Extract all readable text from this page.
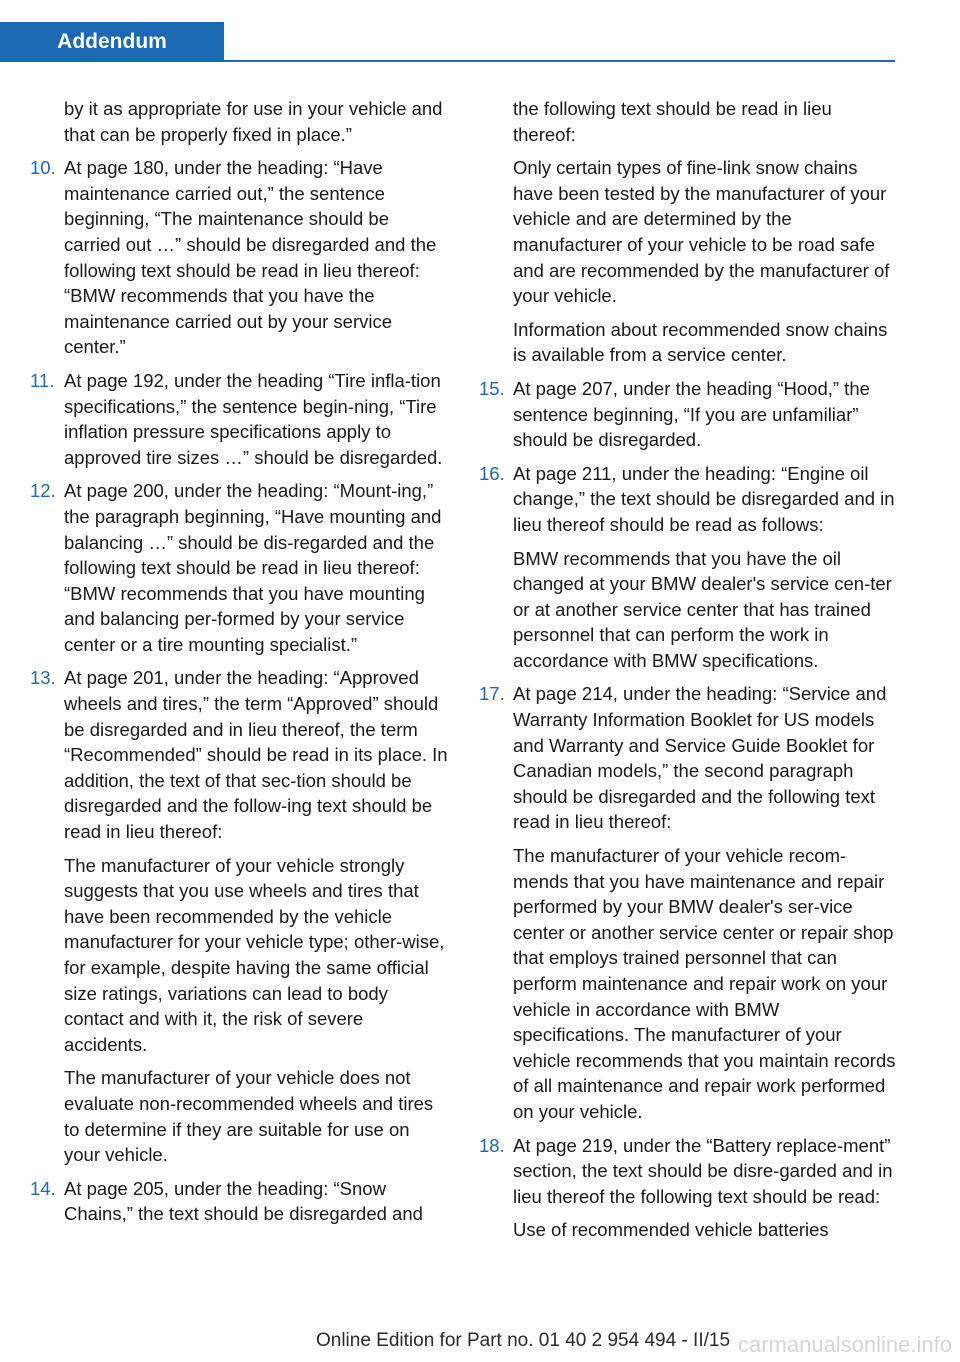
Addendum

by it as appropriate for use in your vehicle and that can be properly fixed in place.”

10. At page 180, under the heading: “Have maintenance carried out,” the sentence beginning, “The maintenance should be carried out …” should be disregarded and the following text should be read in lieu thereof: “BMW recommends that you have the maintenance carried out by your service center.”

11. At page 192, under the heading “Tire infla‐tion specifications,” the sentence begin‐ning, “Tire inflation pressure specifications apply to approved tire sizes …” should be disregarded.

12. At page 200, under the heading: “Mount‐ing,” the paragraph beginning, “Have mounting and balancing …” should be dis‐regarded and the following text should be read in lieu thereof: “BMW recommends that you have mounting and balancing per‐formed by your service center or a tire mounting specialist.”

13. At page 201, under the heading: “Approved wheels and tires,” the term “Approved” should be disregarded and in lieu thereof, the term “Recommended” should be read in its place. In addition, the text of that sec‐tion should be disregarded and the follow‐ing text should be read in lieu thereof:

The manufacturer of your vehicle strongly suggests that you use wheels and tires that have been recommended by the vehicle manufacturer for your vehicle type; other‐wise, for example, despite having the same official size ratings, variations can lead to body contact and with it, the risk of severe accidents.

The manufacturer of your vehicle does not evaluate non-recommended wheels and tires to determine if they are suitable for use on your vehicle.

14. At page 205, under the heading: “Snow Chains,” the text should be disregarded and

the following text should be read in lieu thereof:

Only certain types of fine-link snow chains have been tested by the manufacturer of your vehicle and are determined by the manufacturer of your vehicle to be road safe and are recommended by the manufacturer of your vehicle.

Information about recommended snow chains is available from a service center.

15. At page 207, under the heading “Hood,” the sentence beginning, “If you are unfamiliar” should be disregarded.

16. At page 211, under the heading: “Engine oil change,” the text should be disregarded and in lieu thereof should be read as follows:

BMW recommends that you have the oil changed at your BMW dealer's service cen‐ter or at another service center that has trained personnel that can perform the work in accordance with BMW specifications.

17. At page 214, under the heading: “Service and Warranty Information Booklet for US models and Warranty and Service Guide Booklet for Canadian models,” the second paragraph should be disregarded and the following text read in lieu thereof:

The manufacturer of your vehicle recom‐mends that you have maintenance and repair performed by your BMW dealer's ser‐vice center or another service center or repair shop that employs trained personnel that can perform maintenance and repair work on your vehicle in accordance with BMW specifications. The manufacturer of your vehicle recommends that you maintain records of all maintenance and repair work performed on your vehicle.

18. At page 219, under the “Battery replace‐ment” section, the text should be disre‐garded and in lieu thereof the following text should be read:

Use of recommended vehicle batteries

Online Edition for Part no. 01 40 2 954 494 - II/15 carmanualsonline.info
